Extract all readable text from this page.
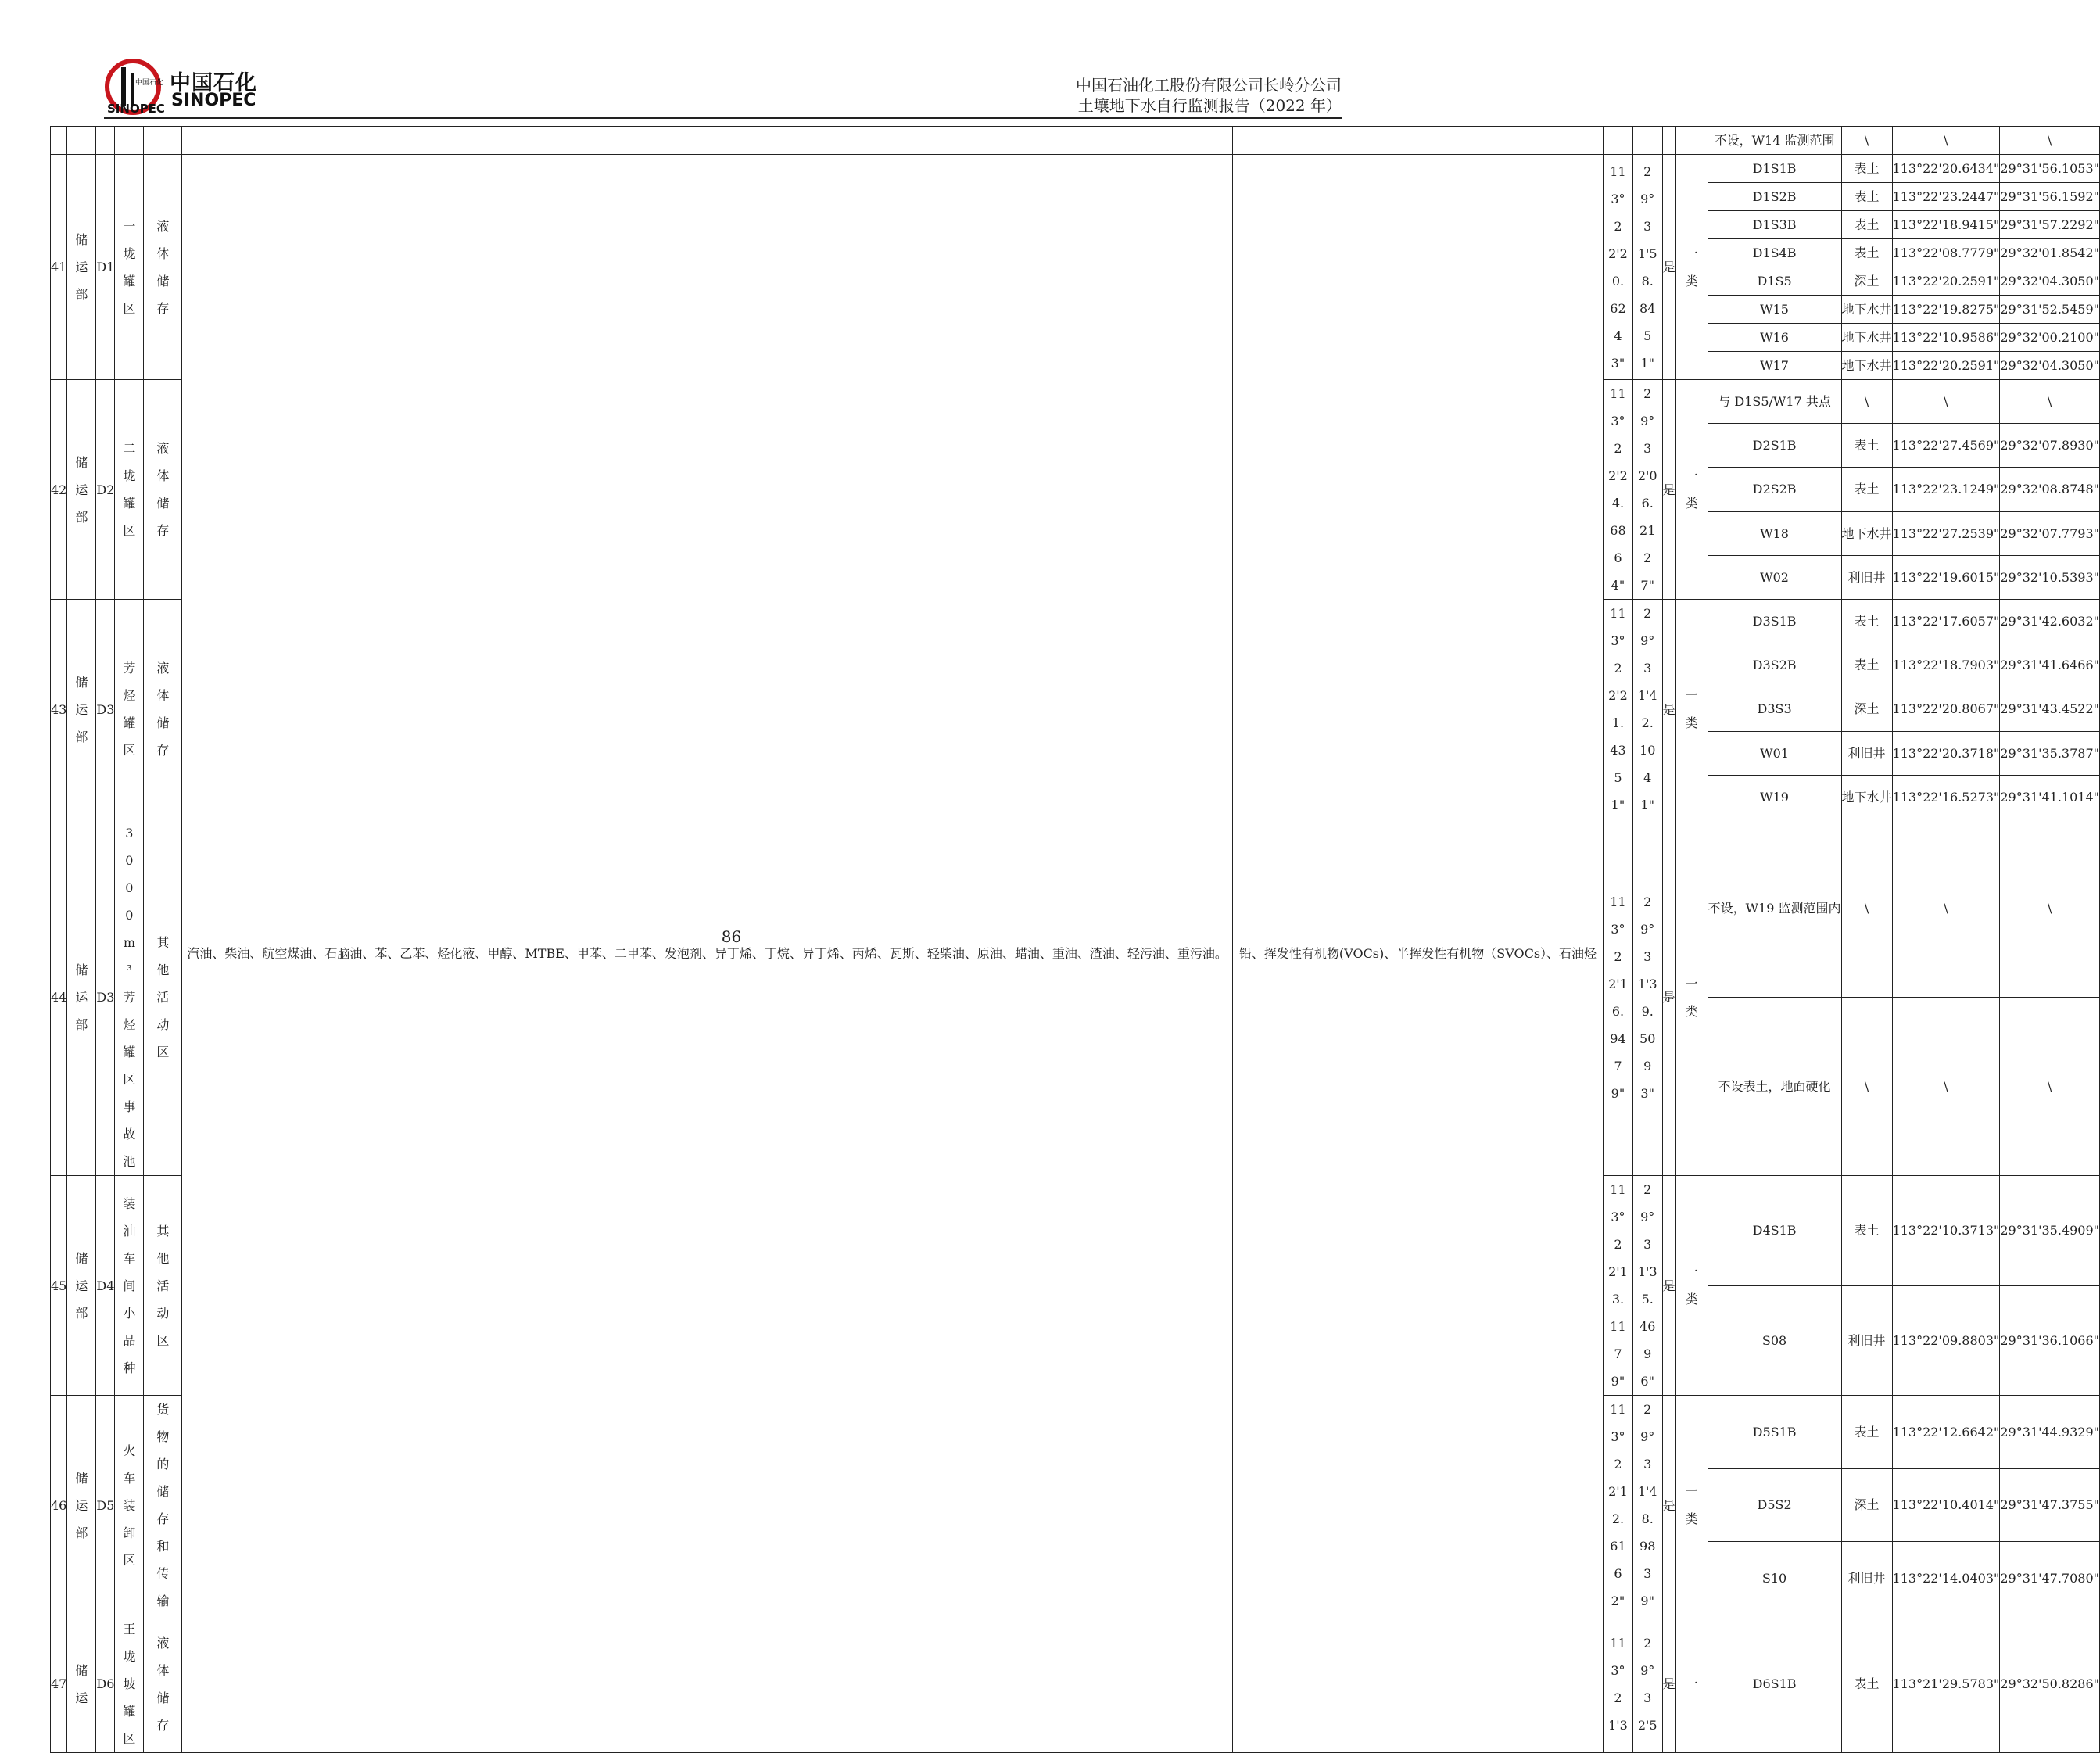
中国石化
SINOPEC
中国石化
SINOPEC
中国石油化工股份有限公司长岭分公司
土壤地下水自行监测报告（2022 年）
											不设，W14 监测范围	\	\	\
41	储运部	D1	一垅罐区	液体储存	汽油、柴油、航空煤油、石脑油、苯、乙苯、烃化液、甲醇、MTBE、甲苯、二甲苯、发泡剂、异丁烯、丁烷、异丁烯、丙烯、瓦斯、轻柴油、原油、蜡油、重油、渣油、轻污油、重污油。	铅、挥发性有机物(VOCs)、半挥发性有机物（SVOCs）、石油烃	113°22'20.6243"	29°31'58.8451"	是	一类	D1S1B	表土	113°22'20.6434"	29°31'56.1053"
											D1S2B	表土	113°22'23.2447"	29°31'56.1592"
											D1S3B	表土	113°22'18.9415"	29°31'57.2292"
											D1S4B	表土	113°22'08.7779"	29°32'01.8542"
											D1S5	深土	113°22'20.2591"	29°32'04.3050"
											W15	地下水井	113°22'19.8275"	29°31'52.5459"
											W16	地下水井	113°22'10.9586"	29°32'00.2100"
											W17	地下水井	113°22'20.2591"	29°32'04.3050"
42	储运部	D2	二垅罐区	液体储存			113°22'24.6864"	29°32'06.2127"	是	一类	与 D1S5/W17 共点	\	\	\
											D2S1B	表土	113°22'27.4569"	29°32'07.8930"
											D2S2B	表土	113°22'23.1249"	29°32'08.8748"
											W18	地下水井	113°22'27.2539"	29°32'07.7793"
											W02	利旧井	113°22'19.6015"	29°32'10.5393"
43	储运部	D3	芳烃罐区	液体储存			113°22'21.4351"	29°31'42.1041"	是	一类	D3S1B	表土	113°22'17.6057"	29°31'42.6032"
											D3S2B	表土	113°22'18.7903"	29°31'41.6466"
											D3S3	深土	113°22'20.8067"	29°31'43.4522"
											W01	利旧井	113°22'20.3718"	29°31'35.3787"
											W19	地下水井	113°22'16.5273"	29°31'41.1014"
44	储运部	D3	3000m³芳烃罐区事故池	其他活动区			113°22'16.9479"	29°31'39.5093"	是	一类	不设，W19 监测范围内	\	\	\
											不设表土，地面硬化	\	\	\
45	储运部	D4	装油车间小品种	其他活动区			113°22'13.1179"	29°31'35.4696"	是	一类	D4S1B	表土	113°22'10.3713"	29°31'35.4909"
											S08	利旧井	113°22'09.8803"	29°31'36.1066"
46	储运部	D5	火车装卸区	货物的储存和传输			113°22'12.6162"	29°31'48.9839"	是	一类	D5S1B	表土	113°22'12.6642"	29°31'44.9329"
											D5S2	深土	113°22'10.4014"	29°31'47.3755"
											S10	利旧井	113°22'14.0403"	29°31'47.7080"
47	储运	D6	王垅坡罐区	液体储存			113°21'3	29°32'5	是	一	D6S1B	表土	113°21'29.5783"	29°32'50.8286"
86
